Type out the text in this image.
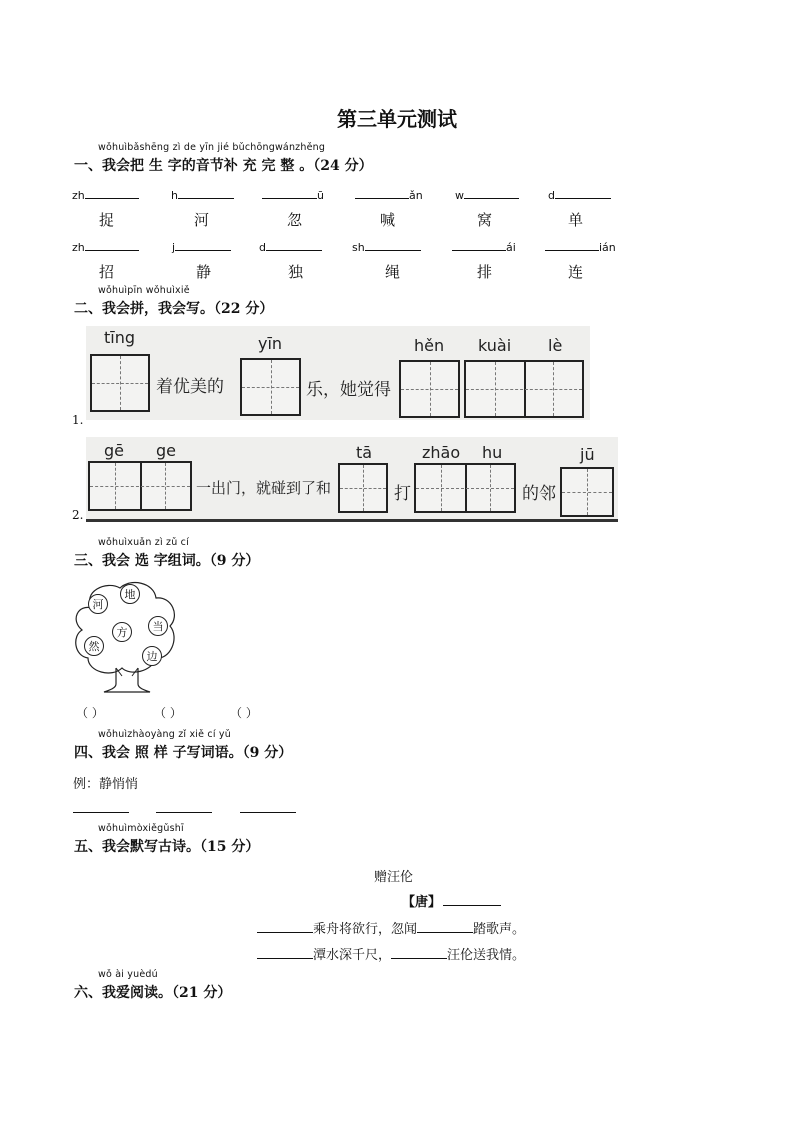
第三单元测试
wǒhuìbǎshēng zì de yīn jié bǔchōngwánzhěng
一、我会把 生 字的音节补 充 完 整 。（24 分）
zh	h	ū	ǎn	w	d
捉	河	忽	喊	窝	单
zh	j	d	sh	ái	ián
招	静	独	绳	排	连
wǒhuìpīn wǒhuìxiě
二、我会拼，我会写。（22 分）
tīng
着优美的
yīn
乐，她觉得
hěn kuài lè
1.
gē ge
一出门，就碰到了和
tā
打
zhāo hu
的邻
jū
2.
wǒhuìxuǎn zì zǔ cí
三、我会 选 字组词。（9 分）
河
地
当
方
然
边
（ ）	（ ）	（ ）
wǒhuìzhàoyàng zǐ xiě cí yǔ
四、我会 照 样 子写词语。（9 分）
例：静悄悄
wǒhuìmòxiěgǔshī
五、我会默写古诗。（15 分）
赠汪伦
【唐】
乘舟将欲行，忽闻	踏歌声。
潭水深千尺，	汪伦送我情。
wǒ ài yuèdú
六、我爱阅读。（21 分）
